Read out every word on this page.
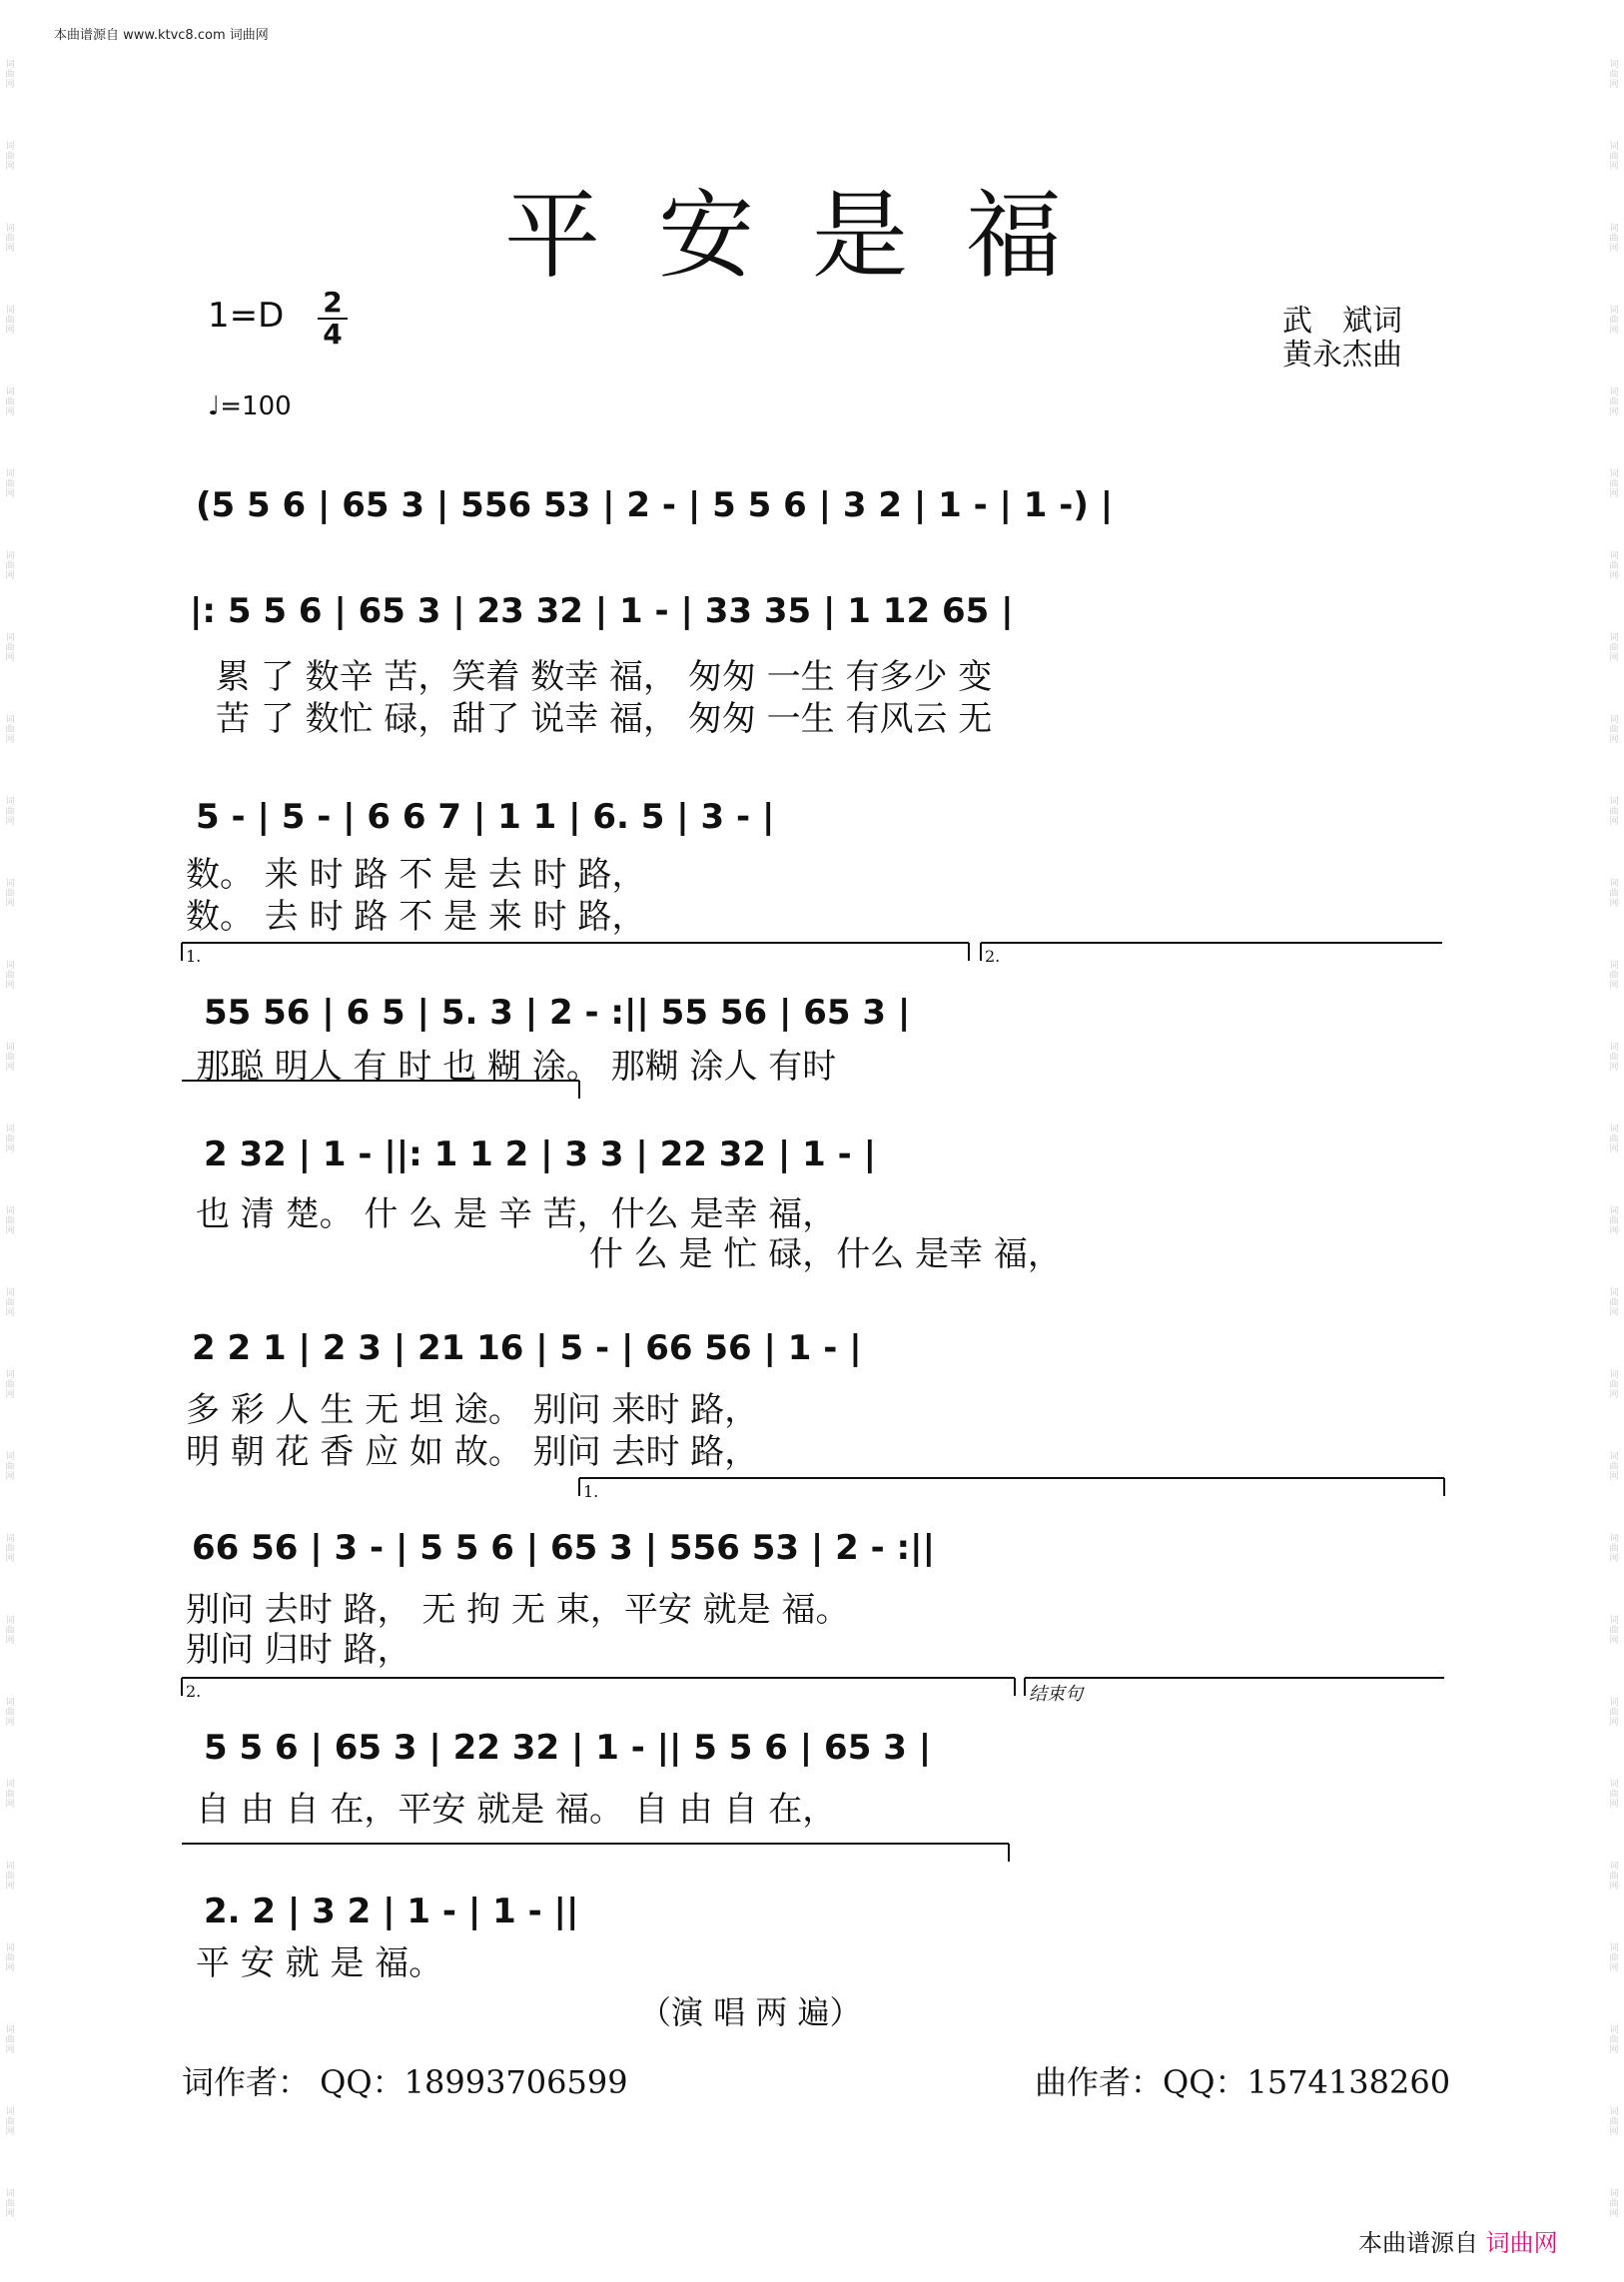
词
曲
网
词
曲
网
词
曲
网
词
曲
网
词
曲
网
词
曲
网
词
曲
网
词
曲
网
词
曲
网
词
曲
网
词
曲
网
词
曲
网
词
曲
网
词
曲
网
词
曲
网
词
曲
网
词
曲
网
词
曲
网
词
曲
网
词
曲
网
词
曲
网
词
曲
网
词
曲
网
词
曲
网
词
曲
网
词
曲
网
词
曲
网
词
曲
网
词
曲
网
词
曲
网
词
曲
网
词
曲
网
词
曲
网
词
曲
网
词
曲
网
词
曲
网
词
曲
网
词
曲
网
词
曲
网
词
曲
网
词
曲
网
词
曲
网
词
曲
网
词
曲
网
词
曲
网
词
曲
网
词
曲
网
词
曲
网
词
曲
网
词
曲
网
词
曲
网
词
曲
网
词
曲
网
词
曲
网
本曲谱源自 www.ktvc8.com 词曲网
平安是福
1=D 2
4
♩=100
武　斌词
黄永杰曲
(5 5 6 | 65 3 | 556 53 | 2 - | 5 5 6 | 3 2 | 1 - | 1 -) |
|: 5 5 6 | 65 3 | 23 32 | 1 - | 33 35 | 1 12 65 |
5 - | 5 - | 6 6 7 | 1 1 | 6. 5 | 3 - |
55 56 | 6 5 | 5. 3 | 2 - :|| 55 56 | 65 3 |
2 32 | 1 - ||: 1 1 2 | 3 3 | 22 32 | 1 - |
2 2 1 | 2 3 | 21 16 | 5 - | 66 56 | 1 - |
66 56 | 3 - | 5 5 6 | 65 3 | 556 53 | 2 - :||
5 5 6 | 65 3 | 22 32 | 1 - || 5 5 6 | 65 3 |
2. 2 | 3 2 | 1 - | 1 - ||
1.	2.
1.
2.	结束句
累 了 数辛 苦，笑着 数幸 福， 匆匆 一生 有多少 变
苦 了 数忙 碌，甜了 说幸 福， 匆匆 一生 有风云 无
数。 来 时 路 不 是 去 时 路，
数。 去 时 路 不 是 来 时 路，
那聪 明人 有 时 也 糊 涂。 那糊 涂人 有时
也 清 楚。 什 么 是 辛 苦，什么 是幸 福，
什 么 是 忙 碌，什么 是幸 福，
多 彩 人 生 无 坦 途。 别问 来时 路，
明 朝 花 香 应 如 故。 别问 去时 路，
别问 去时 路， 无 拘 无 束，平安 就是 福。
别问 归时 路，
自 由 自 在，平安 就是 福。 自 由 自 在，
平 安 就 是 福。
（演 唱 两 遍）
词作者： QQ：18993706599	曲作者：QQ：1574138260
本曲谱源自 词曲网
